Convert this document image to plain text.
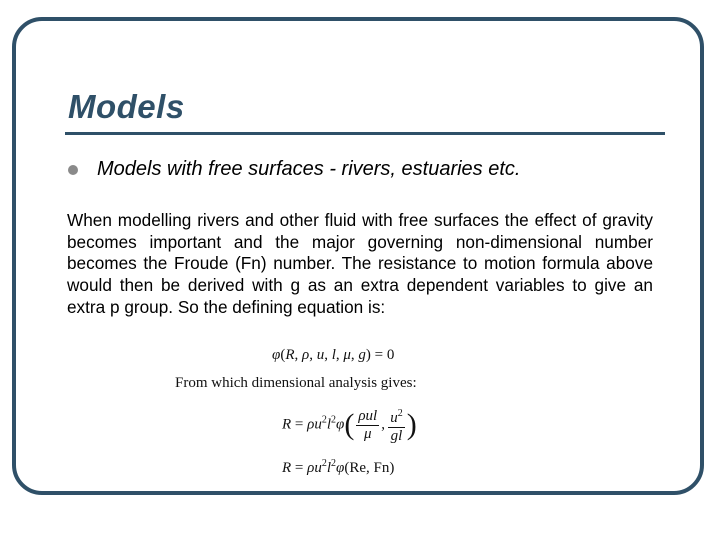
Models
Models with free surfaces - rivers, estuaries etc.

When modelling rivers and other fluid with free surfaces the effect of gravity becomes important and the major governing non-dimensional number becomes the Froude (Fn) number. The resistance to motion formula above would then be derived with g as an extra dependent variables to give an extra p group. So the defining equation is:

φ(R, ρ, u, l, μ, g) = 0
From which dimensional analysis gives:
$R = \rho u^2l^2\varphi( \frac{\text{ρul}}{\mu}$ ,  $\frac{u^2}{gl}$ )
$R = \rho u^2l^2\varphi(Re$, Fn)
